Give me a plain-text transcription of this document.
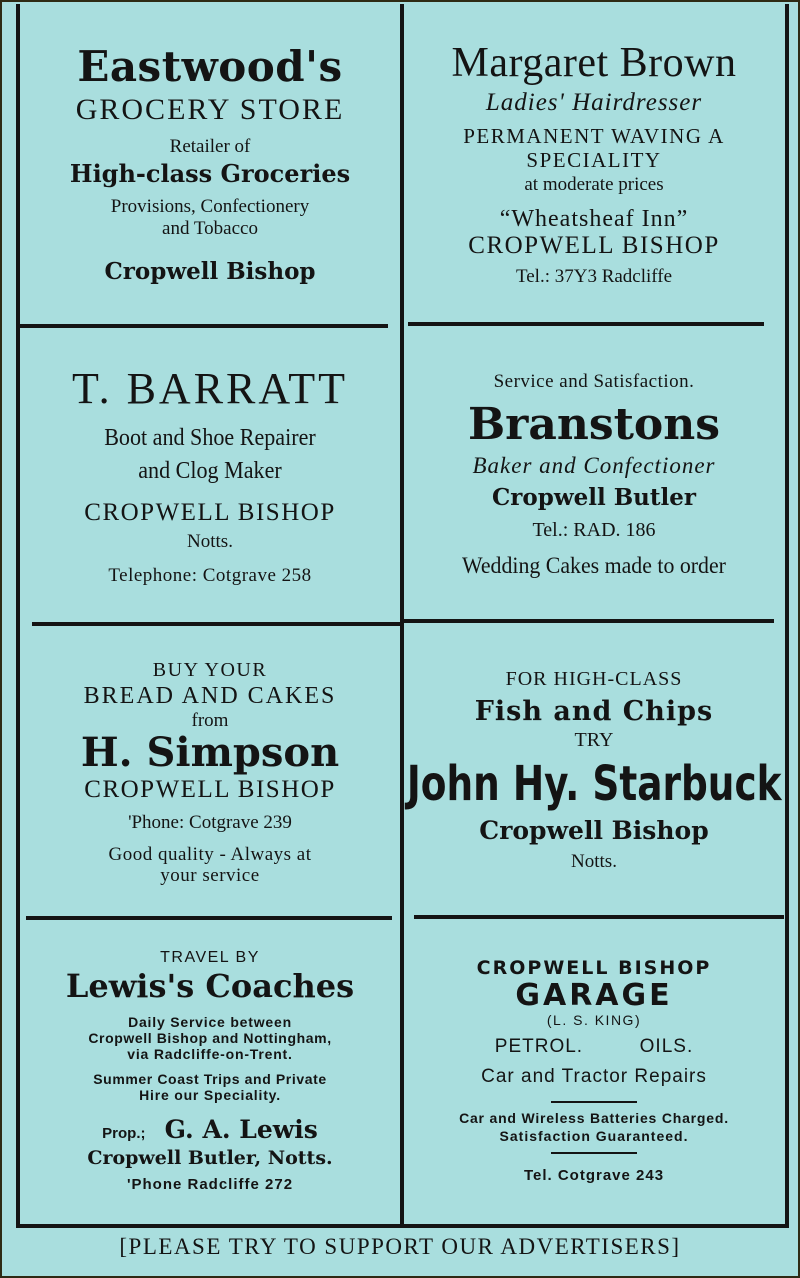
Eastwood's
GROCERY STORE
Retailer of
High-class Groceries
Provisions, Confectionery
and Tobacco
Cropwell Bishop
Margaret Brown
Ladies' Hairdresser
PERMANENT WAVING A
SPECIALITY
at moderate prices
“Wheatsheaf Inn”
CROPWELL BISHOP
Tel.: 37Y3 Radcliffe
T. BARRATT
Boot and Shoe Repairer
and Clog Maker
CROPWELL BISHOP
Notts.
Telephone: Cotgrave 258
Service and Satisfaction.
Branstons
Baker and Confectioner
Cropwell Butler
Tel.: RAD. 186
Wedding Cakes made to order
BUY YOUR
BREAD AND CAKES
from
H. Simpson
CROPWELL BISHOP
'Phone: Cotgrave 239
Good quality - Always at
your service
FOR HIGH-CLASS
Fish and Chips
TRY
John Hy. Starbuck
Cropwell Bishop
Notts.
TRAVEL BY
Lewis's Coaches
Daily Service between
Cropwell Bishop and Nottingham,
via Radcliffe-on-Trent.
Summer Coast Trips and Private
Hire our Speciality.
Prop.; G. A. Lewis
Cropwell Butler, Notts.
'Phone Radcliffe 272
CROPWELL BISHOP
GARAGE
(L. S. KING)
PETROL.	OILS.
Car and Tractor Repairs
Car and Wireless Batteries Charged.
Satisfaction Guaranteed.
Tel. Cotgrave 243
[PLEASE TRY TO SUPPORT OUR ADVERTISERS]
